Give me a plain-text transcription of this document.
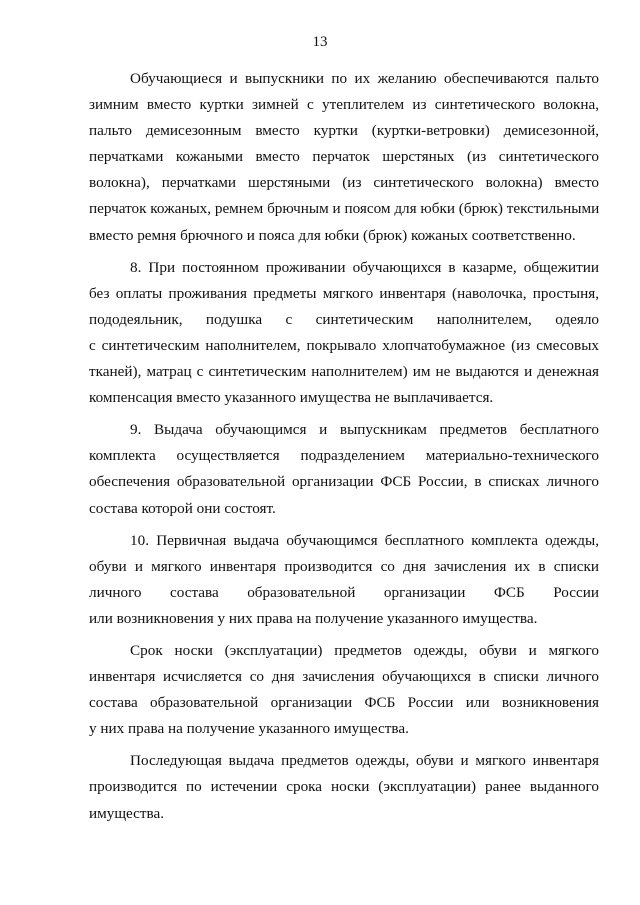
13

Обучающиеся и выпускники по их желанию обеспечиваются пальто
зимним вместо куртки зимней с утеплителем из синтетического волокна,
пальто демисезонным вместо куртки (куртки-ветровки) демисезонной,
перчатками кожаными вместо перчаток шерстяных (из синтетического
волокна), перчатками шерстяными (из синтетического волокна) вместо
перчаток кожаных, ремнем брючным и поясом для юбки (брюк) текстильными
вместо ремня брючного и пояса для юбки (брюк) кожаных соответственно.

8. При постоянном проживании обучающихся в казарме, общежитии
без оплаты проживания предметы мягкого инвентаря (наволочка, простыня,
пододеяльник, подушка с синтетическим наполнителем, одеяло
с синтетическим наполнителем, покрывало хлопчатобумажное (из смесовых
тканей), матрац с синтетическим наполнителем) им не выдаются и денежная
компенсация вместо указанного имущества не выплачивается.

9. Выдача обучающимся и выпускникам предметов бесплатного
комплекта осуществляется подразделением материально-технического
обеспечения образовательной организации ФСБ России, в списках личного
состава которой они состоят.

10. Первичная выдача обучающимся бесплатного комплекта одежды,
обуви и мягкого инвентаря производится со дня зачисления их в списки
личного состава образовательной организации ФСБ России
или возникновения у них права на получение указанного имущества.

Срок носки (эксплуатации) предметов одежды, обуви и мягкого
инвентаря исчисляется со дня зачисления обучающихся в списки личного
состава образовательной организации ФСБ России или возникновения
у них права на получение указанного имущества.

Последующая выдача предметов одежды, обуви и мягкого инвентаря
производится по истечении срока носки (эксплуатации) ранее выданного
имущества.
